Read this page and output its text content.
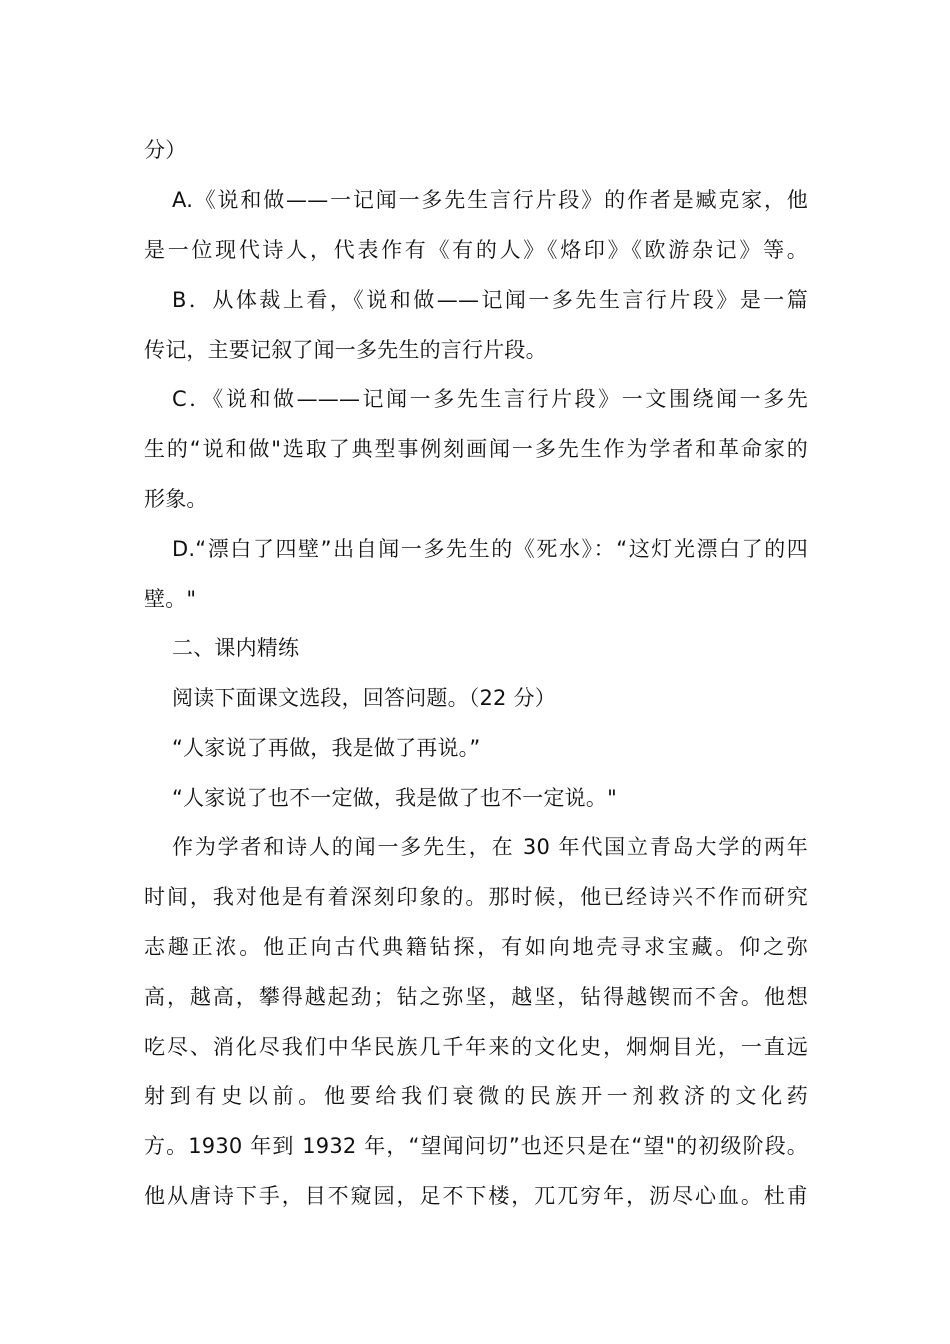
分）
A.《说和做——一记闻一多先生言行片段》的作者是臧克家，他
是一位现代诗人，代表作有《有的人》《烙印》《欧游杂记》等。
B．从体裁上看，《说和做——记闻一多先生言行片段》是一篇
传记，主要记叙了闻一多先生的言行片段。
C．《说和做———记闻一多先生言行片段》一文围绕闻一多先
生的“说和做"选取了典型事例刻画闻一多先生作为学者和革命家的
形象。
D.“漂白了四壁”出自闻一多先生的《死水》：“这灯光漂白了的四
壁。"
二、课内精练
阅读下面课文选段，回答问题。（22 分）
“人家说了再做，我是做了再说。”
“人家说了也不一定做，我是做了也不一定说。"
作为学者和诗人的闻一多先生，在 30 年代国立青岛大学的两年
时间，我对他是有着深刻印象的。那时候，他已经诗兴不作而研究
志趣正浓。他正向古代典籍钻探，有如向地壳寻求宝藏。仰之弥
高，越高，攀得越起劲；钻之弥坚，越坚，钻得越锲而不舍。他想
吃尽、消化尽我们中华民族几千年来的文化史，炯炯目光，一直远
射到有史以前。他要给我们衰微的民族开一剂救济的文化药
方。1930 年到 1932 年，“望闻问切”也还只是在“望"的初级阶段。
他从唐诗下手，目不窥园，足不下楼，兀兀穷年，沥尽心血。杜甫
